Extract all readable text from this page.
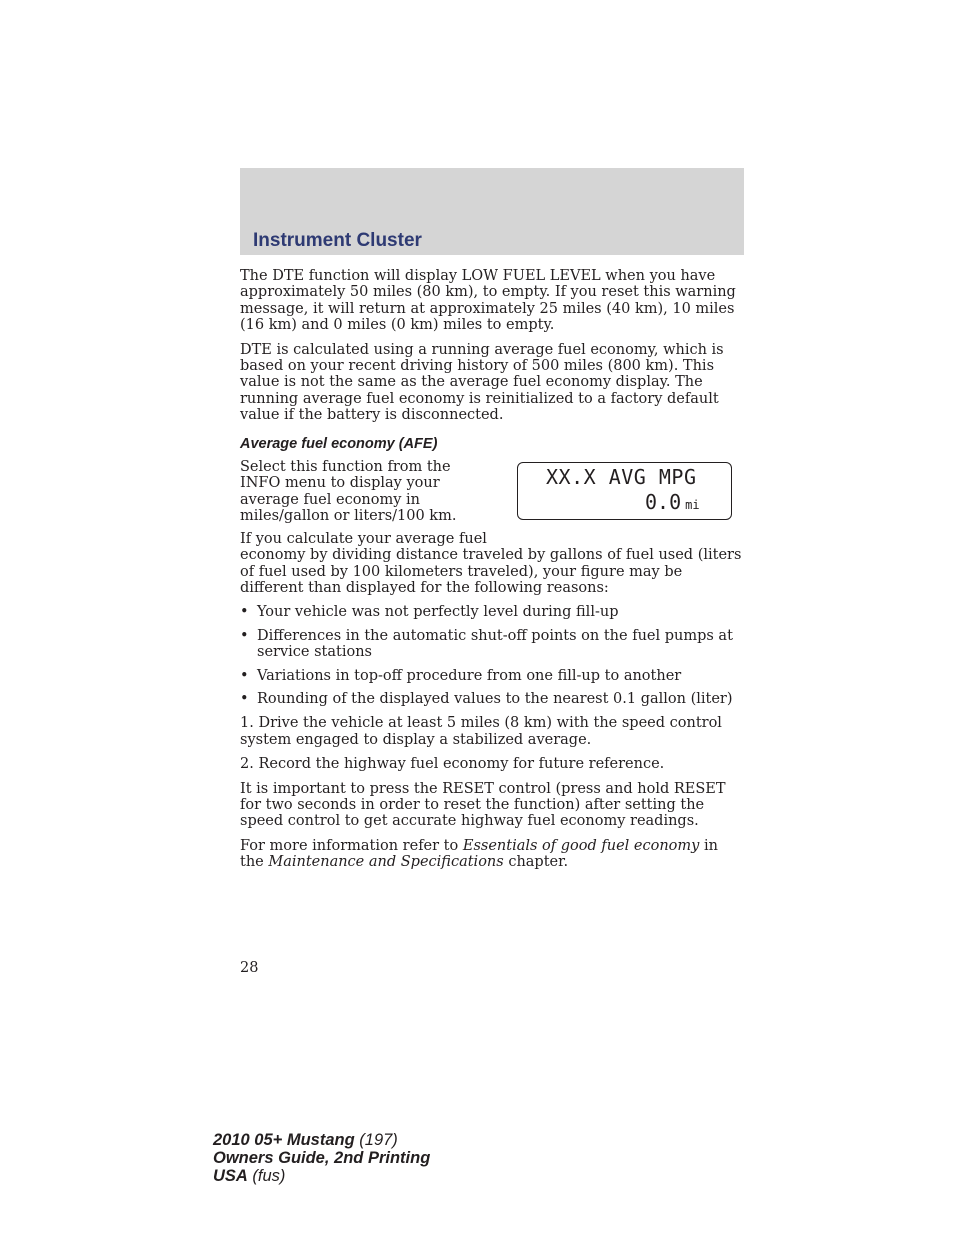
Instrument Cluster

The DTE function will display LOW FUEL LEVEL when you have approximately 50 miles (80 km), to empty. If you reset this warning message, it will return at approximately 25 miles (40 km), 10 miles (16 km) and 0 miles (0 km) miles to empty.

DTE is calculated using a running average fuel economy, which is based on your recent driving history of 500 miles (800 km). This value is not the same as the average fuel economy display. The running average fuel economy is reinitialized to a factory default value if the battery is disconnected.

Average fuel economy (AFE)

Select this function from the INFO menu to display your average fuel economy in miles/gallon or liters/100 km.

If you calculate your average fuel

economy by dividing distance traveled by gallons of fuel used (liters of fuel used by 100 kilometers traveled), your figure may be different than displayed for the following reasons:

XX.X AVG MPG
0.0 mi
• Your vehicle was not perfectly level during fill-up
• Differences in the automatic shut-off points on the fuel pumps at service stations
• Variations in top-off procedure from one fill-up to another
• Rounding of the displayed values to the nearest 0.1 gallon (liter)

1. Drive the vehicle at least 5 miles (8 km) with the speed control system engaged to display a stabilized average.

2. Record the highway fuel economy for future reference.

It is important to press the RESET control (press and hold RESET for two seconds in order to reset the function) after setting the speed control to get accurate highway fuel economy readings.

For more information refer to Essentials of good fuel economy in the Maintenance and Specifications chapter.

28
2010 05+ Mustang (197)
Owners Guide, 2nd Printing
USA (fus)
